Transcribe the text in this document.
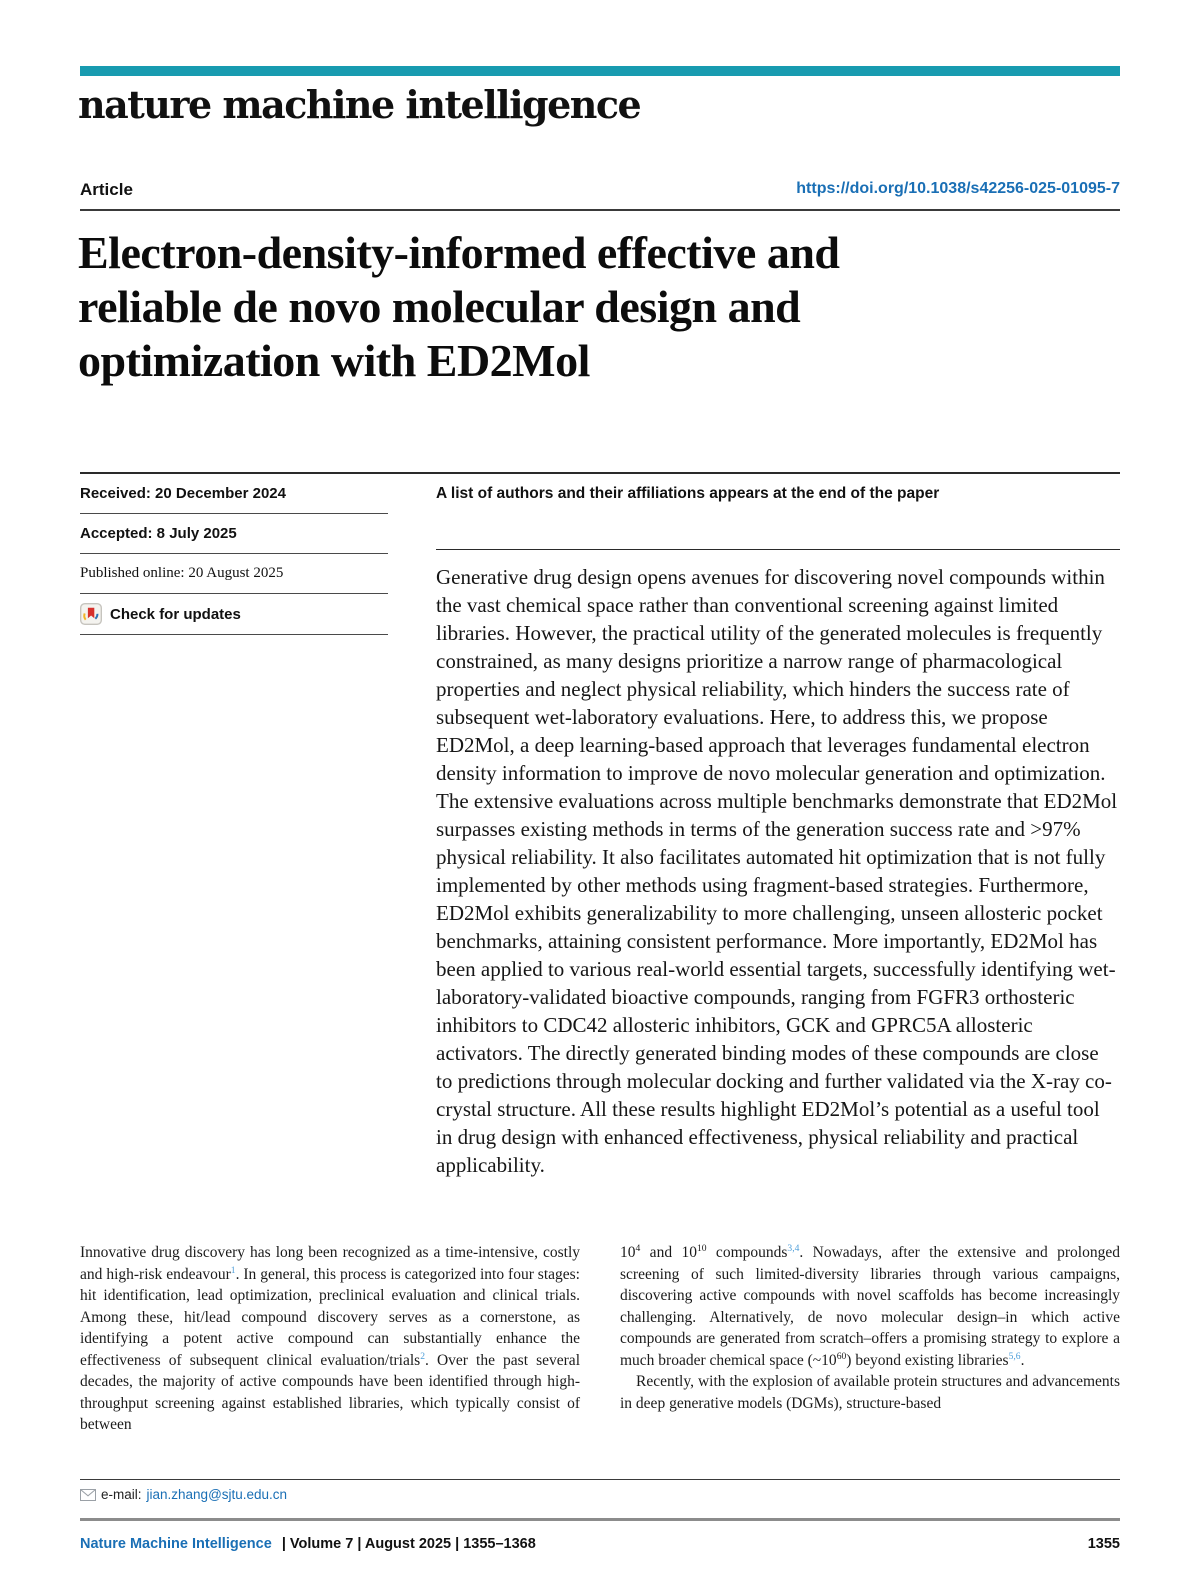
nature machine intelligence
Article	https://doi.org/10.1038/s42256-025-01095-7
Electron-density-informed effective and
reliable de novo molecular design and
optimization with ED2Mol
Received: 20 December 2024
Accepted: 8 July 2025
Published online: 20 August 2025
Check for updates
A list of authors and their affiliations appears at the end of the paper
Generative drug design opens avenues for discovering novel compounds within the vast chemical space rather than conventional screening against limited libraries. However, the practical utility of the generated molecules is frequently constrained, as many designs prioritize a narrow range of pharmacological properties and neglect physical reliability, which hinders the success rate of subsequent wet-laboratory evaluations. Here, to address this, we propose ED2Mol, a deep learning-based approach that leverages fundamental electron density information to improve de novo molecular generation and optimization. The extensive evaluations across multiple benchmarks demonstrate that ED2Mol surpasses existing methods in terms of the generation success rate and >97% physical reliability. It also facilitates automated hit optimization that is not fully implemented by other methods using fragment-based strategies. Furthermore, ED2Mol exhibits generalizability to more challenging, unseen allosteric pocket benchmarks, attaining consistent performance. More importantly, ED2Mol has been applied to various real-world essential targets, successfully identifying wet-laboratory-validated bioactive compounds, ranging from FGFR3 orthosteric inhibitors to CDC42 allosteric inhibitors, GCK and GPRC5A allosteric activators. The directly generated binding modes of these compounds are close to predictions through molecular docking and further validated via the X-ray co-crystal structure. All these results highlight ED2Mol’s potential as a useful tool in drug design with enhanced effectiveness, physical reliability and practical applicability.

Innovative drug discovery has long been recognized as a time-intensive, costly and high-risk endeavour$^1$. In general, this process is categorized into four stages: hit identification, lead optimization, preclinical evaluation and clinical trials. Among these, hit/lead compound discovery serves as a cornerstone, as identifying a potent active compound can substantially enhance the effectiveness of subsequent clinical evaluation/trials$^2$. Over the past several decades, the majority of active compounds have been identified through high-throughput screening against established libraries, which typically consist of between

$10^4$ and $10^{10}$ compounds$^{3,4}$. Nowadays, after the extensive and prolonged screening of such limited-diversity libraries through various campaigns, discovering active compounds with novel scaffolds has become increasingly challenging. Alternatively, de novo molecular design–in which active compounds are generated from scratch–offers a promising strategy to explore a much broader chemical space $(\sim 10^{60})$ beyond existing libraries$^{5,6}$.

Recently, with the explosion of available protein structures and advancements in deep generative models (DGMs), structure-based

e-mail: jian.zhang@sjtu.edu.cn
Nature Machine Intelligence | Volume 7 | August 2025 | 1355–1368	1355
